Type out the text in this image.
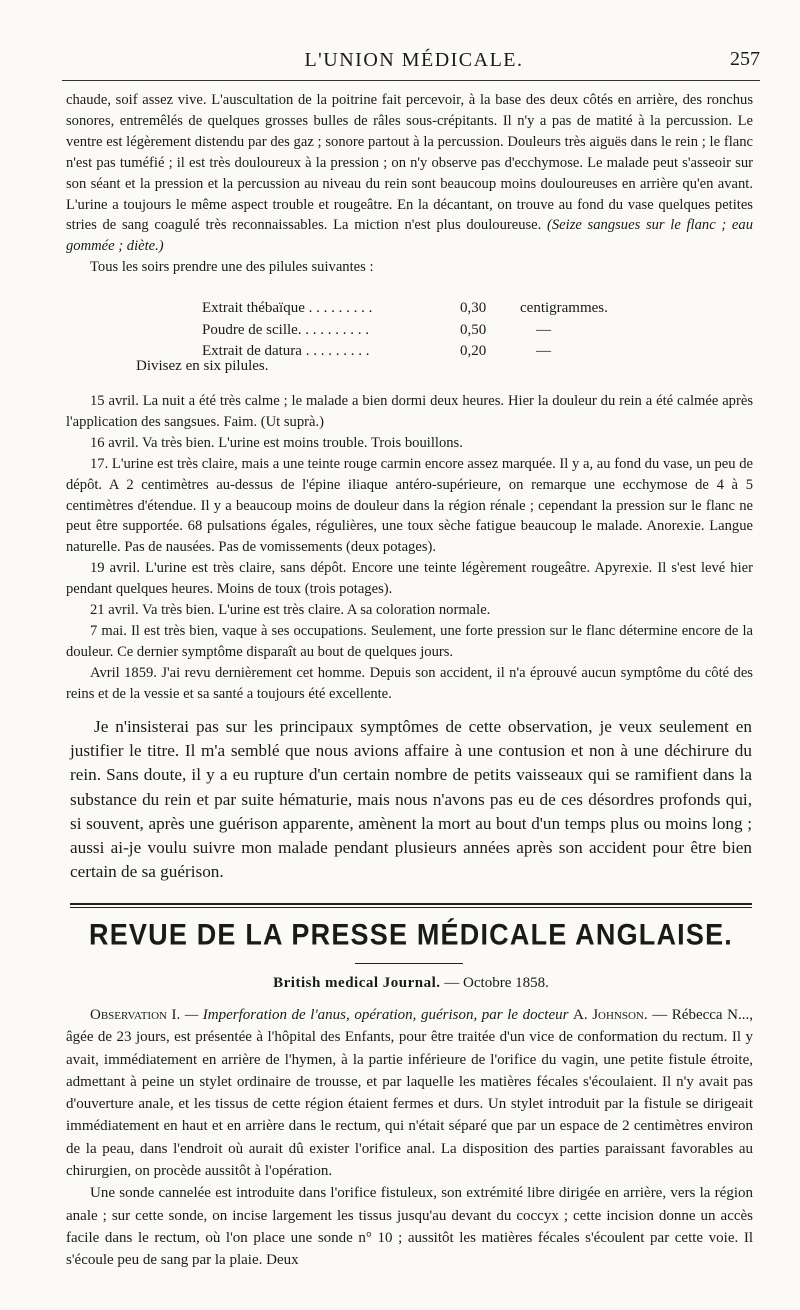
L'UNION MÉDICALE.	257

chaude, soif assez vive. L'auscultation de la poitrine fait percevoir, à la base des deux côtés en arrière, des ronchus sonores, entremêlés de quelques grosses bulles de râles sous-crépitants. Il n'y a pas de matité à la percussion. Le ventre est légèrement distendu par des gaz ; sonore partout à la percussion. Douleurs très aiguës dans le rein ; le flanc n'est pas tuméfié ; il est très douloureux à la pression ; on n'y observe pas d'ecchymose. Le malade peut s'asseoir sur son séant et la pression et la percussion au niveau du rein sont beaucoup moins douloureuses en arrière qu'en avant. L'urine a toujours le même aspect trouble et rougeâtre. En la décantant, on trouve au fond du vase quelques petites stries de sang coagulé très reconnaissables. La miction n'est plus douloureuse. (Seize sangsues sur le flanc ; eau gommée ; diète.)

Tous les soirs prendre une des pilules suivantes :

Extrait thébaïque . . . . . . . . .	0,30	centigrammes.
Poudre de scille. . . . . . . . . .	0,50	—
Extrait de datura . . . . . . . . .	0,20	—
Divisez en six pilules.

15 avril. La nuit a été très calme ; le malade a bien dormi deux heures. Hier la douleur du rein a été calmée après l'application des sangsues. Faim. (Ut suprà.)

16 avril. Va très bien. L'urine est moins trouble. Trois bouillons.

17. L'urine est très claire, mais a une teinte rouge carmin encore assez marquée. Il y a, au fond du vase, un peu de dépôt. A 2 centimètres au-dessus de l'épine iliaque antéro-supérieure, on remarque une ecchymose de 4 à 5 centimètres d'étendue. Il y a beaucoup moins de douleur dans la région rénale ; cependant la pression sur le flanc ne peut être supportée. 68 pulsations égales, régulières, une toux sèche fatigue beaucoup le malade. Anorexie. Langue naturelle. Pas de nausées. Pas de vomissements (deux potages).

19 avril. L'urine est très claire, sans dépôt. Encore une teinte légèrement rougeâtre. Apyrexie. Il s'est levé hier pendant quelques heures. Moins de toux (trois potages).

21 avril. Va très bien. L'urine est très claire. A sa coloration normale.

7 mai. Il est très bien, vaque à ses occupations. Seulement, une forte pression sur le flanc détermine encore de la douleur. Ce dernier symptôme disparaît au bout de quelques jours.

Avril 1859. J'ai revu dernièrement cet homme. Depuis son accident, il n'a éprouvé aucun symptôme du côté des reins et de la vessie et sa santé a toujours été excellente.

Je n'insisterai pas sur les principaux symptômes de cette observation, je veux seulement en justifier le titre. Il m'a semblé que nous avions affaire à une contusion et non à une déchirure du rein. Sans doute, il y a eu rupture d'un certain nombre de petits vaisseaux qui se ramifient dans la substance du rein et par suite hématurie, mais nous n'avons pas eu de ces désordres profonds qui, si souvent, après une guérison apparente, amènent la mort au bout d'un temps plus ou moins long ; aussi ai-je voulu suivre mon malade pendant plusieurs années après son accident pour être bien certain de sa guérison.

REVUE DE LA PRESSE MÉDICALE ANGLAISE.
British medical Journal. — Octobre 1858.

Observation I. — Imperforation de l'anus, opération, guérison, par le docteur A. Johnson. — Rébecca N..., âgée de 23 jours, est présentée à l'hôpital des Enfants, pour être traitée d'un vice de conformation du rectum. Il y avait, immédiatement en arrière de l'hymen, à la partie inférieure de l'orifice du vagin, une petite fistule étroite, admettant à peine un stylet ordinaire de trousse, et par laquelle les matières fécales s'écoulaient. Il n'y avait pas d'ouverture anale, et les tissus de cette région étaient fermes et durs. Un stylet introduit par la fistule se dirigeait immédiatement en haut et en arrière dans le rectum, qui n'était séparé que par un espace de 2 centimètres environ de la peau, dans l'endroit où aurait dû exister l'orifice anal. La disposition des parties paraissant favorables au chirurgien, on procède aussitôt à l'opération.

Une sonde cannelée est introduite dans l'orifice fistuleux, son extrémité libre dirigée en arrière, vers la région anale ; sur cette sonde, on incise largement les tissus jusqu'au devant du coccyx ; cette incision donne un accès facile dans le rectum, où l'on place une sonde n° 10 ; aussitôt les matières fécales s'écoulent par cette voie. Il s'écoule peu de sang par la plaie. Deux
